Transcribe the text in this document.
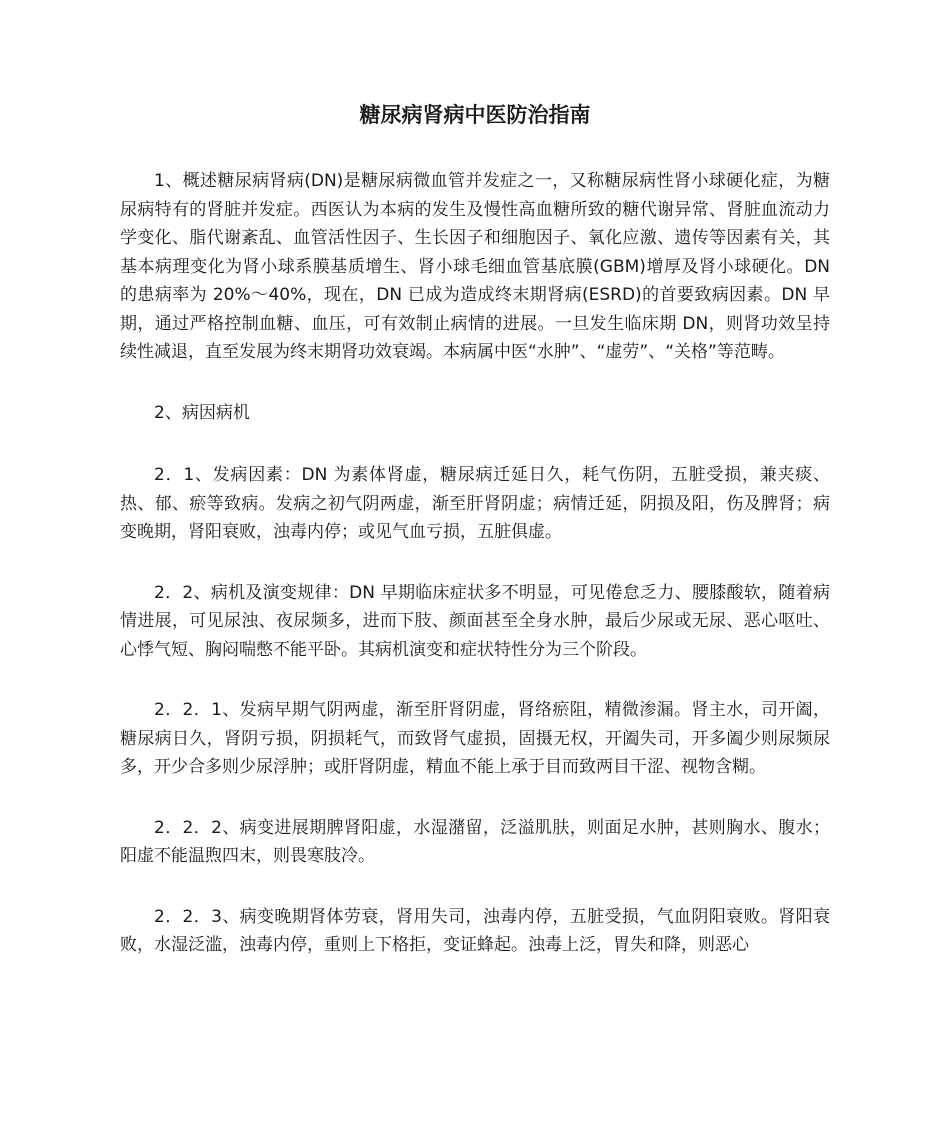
糖尿病肾病中医防治指南

1、概述糖尿病肾病(DN)是糖尿病微血管并发症之一，又称糖尿病性肾小球硬化症，为糖尿病特有的肾脏并发症。西医认为本病的发生及慢性高血糖所致的糖代谢异常、肾脏血流动力学变化、脂代谢紊乱、血管活性因子、生长因子和细胞因子、氧化应激、遗传等因素有关，其基本病理变化为肾小球系膜基质增生、肾小球毛细血管基底膜(GBM)增厚及肾小球硬化。DN 的患病率为 20%～40%，现在，DN 已成为造成终末期肾病(ESRD)的首要致病因素。DN 早期，通过严格控制血糖、血压，可有效制止病情的进展。一旦发生临床期 DN，则肾功效呈持续性减退，直至发展为终末期肾功效衰竭。本病属中医“水肿”、“虚劳”、“关格”等范畴。

2、病因病机

2．1、发病因素：DN 为素体肾虚，糖尿病迁延日久，耗气伤阴，五脏受损，兼夹痰、热、郁、瘀等致病。发病之初气阴两虚，渐至肝肾阴虚；病情迁延，阴损及阳，伤及脾肾；病变晚期，肾阳衰败，浊毒内停；或见气血亏损，五脏俱虚。

2．2、病机及演变规律：DN 早期临床症状多不明显，可见倦怠乏力、腰膝酸软，随着病情进展，可见尿浊、夜尿频多，进而下肢、颜面甚至全身水肿，最后少尿或无尿、恶心呕吐、心悸气短、胸闷喘憋不能平卧。其病机演变和症状特性分为三个阶段。

2．2．1、发病早期气阴两虚，渐至肝肾阴虚，肾络瘀阻，精微渗漏。肾主水，司开阖，糖尿病日久，肾阴亏损，阴损耗气，而致肾气虚损，固摄无权，开阖失司，开多阖少则尿频尿多，开少合多则少尿浮肿；或肝肾阴虚，精血不能上承于目而致两目干涩、视物含糊。

2．2．2、病变进展期脾肾阳虚，水湿潴留，泛溢肌肤，则面足水肿，甚则胸水、腹水；阳虚不能温煦四末，则畏寒肢冷。

2．2．3、病变晚期肾体劳衰，肾用失司，浊毒内停，五脏受损，气血阴阳衰败。肾阳衰败，水湿泛滥，浊毒内停，重则上下格拒，变证蜂起。浊毒上泛，胃失和降，则恶心
